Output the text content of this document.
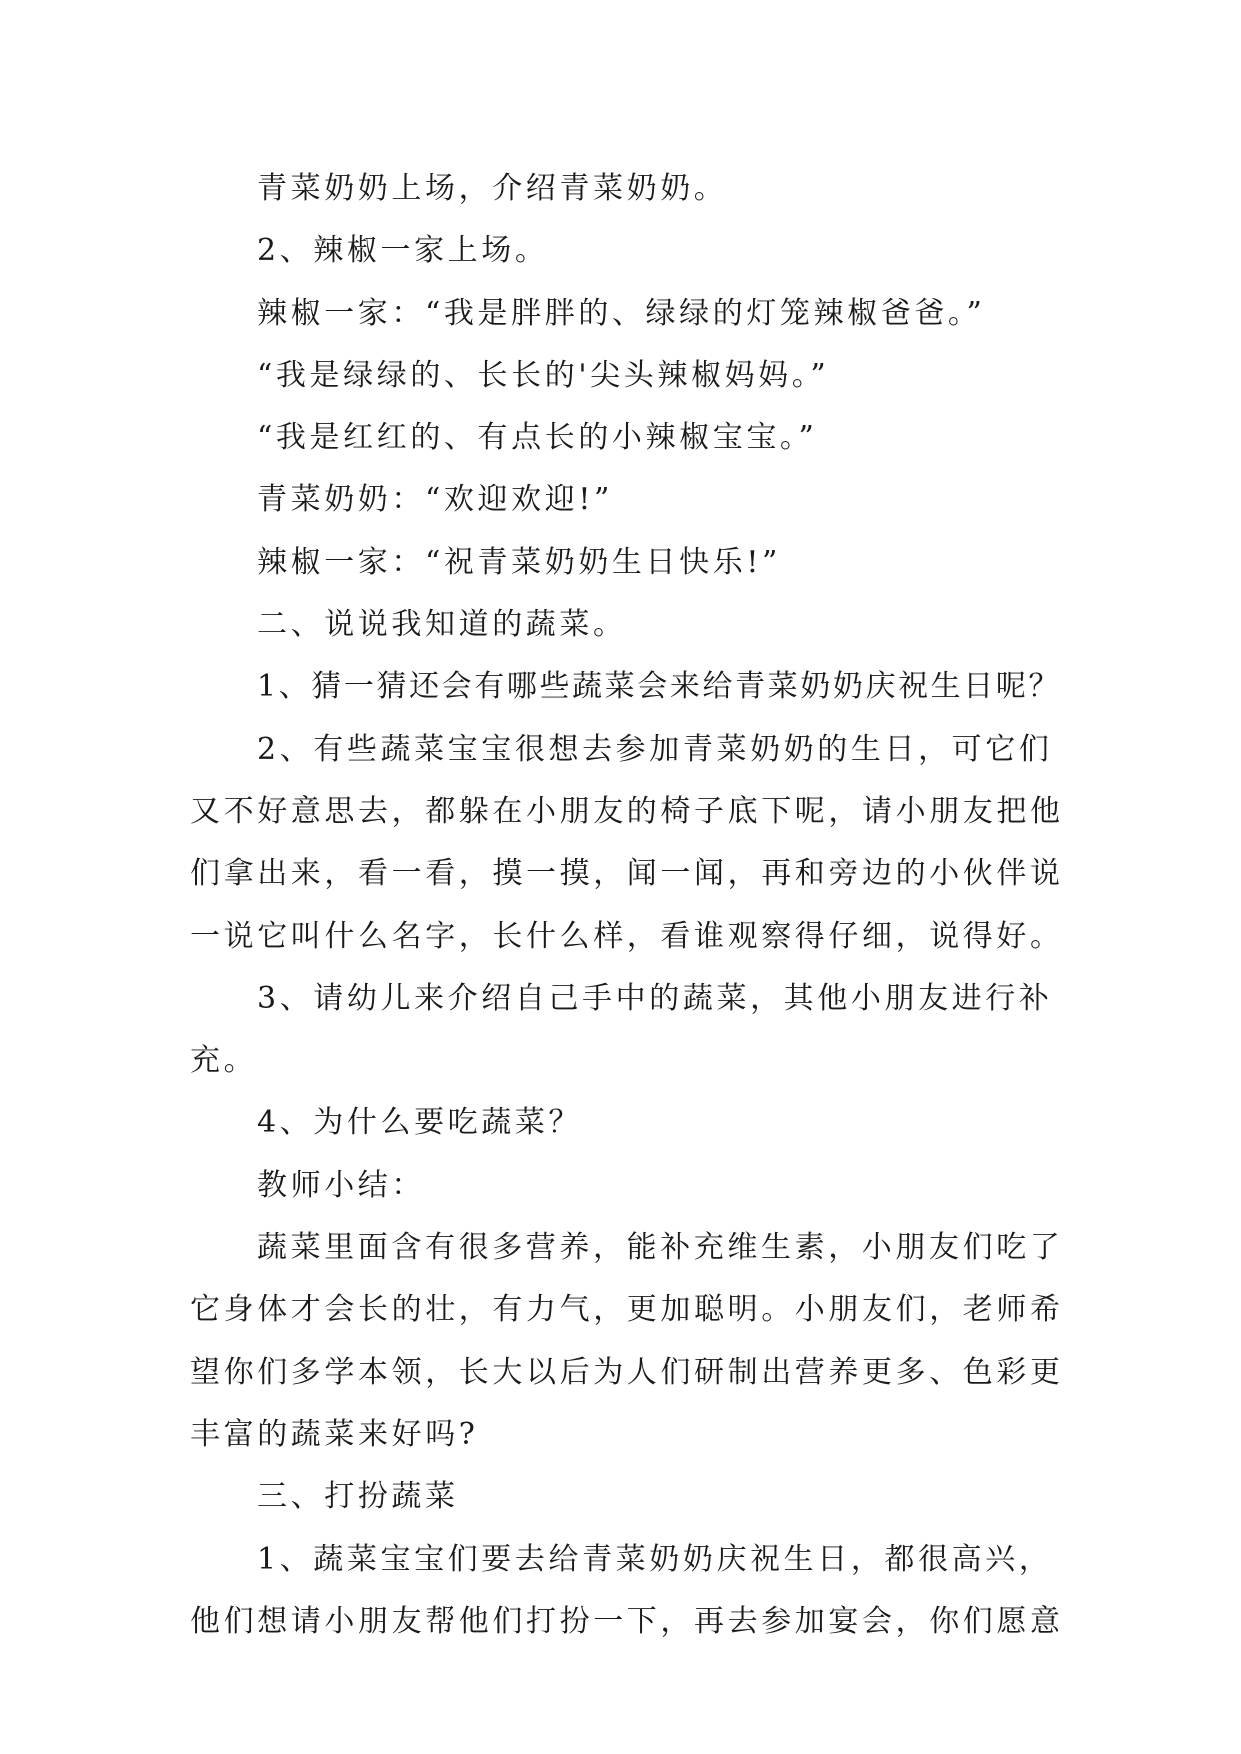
青菜奶奶上场，介绍青菜奶奶。

2、辣椒一家上场。

辣椒一家：“我是胖胖的、绿绿的灯笼辣椒爸爸。”

“我是绿绿的、长长的'尖头辣椒妈妈。”

“我是红红的、有点长的小辣椒宝宝。”

青菜奶奶：“欢迎欢迎!”

辣椒一家：“祝青菜奶奶生日快乐!”

二、说说我知道的蔬菜。

1、猜一猜还会有哪些蔬菜会来给青菜奶奶庆祝生日呢？

2、有些蔬菜宝宝很想去参加青菜奶奶的生日，可它们又不好意思去，都躲在小朋友的椅子底下呢，请小朋友把他们拿出来，看一看，摸一摸，闻一闻，再和旁边的小伙伴说一说它叫什么名字，长什么样，看谁观察得仔细，说得好。

3、请幼儿来介绍自己手中的蔬菜，其他小朋友进行补充。

4、为什么要吃蔬菜？

教师小结：

蔬菜里面含有很多营养，能补充维生素，小朋友们吃了它身体才会长的壮，有力气，更加聪明。小朋友们，老师希望你们多学本领，长大以后为人们研制出营养更多、色彩更丰富的蔬菜来好吗?

三、打扮蔬菜

1、蔬菜宝宝们要去给青菜奶奶庆祝生日，都很高兴，他们想请小朋友帮他们打扮一下，再去参加宴会，你们愿意
